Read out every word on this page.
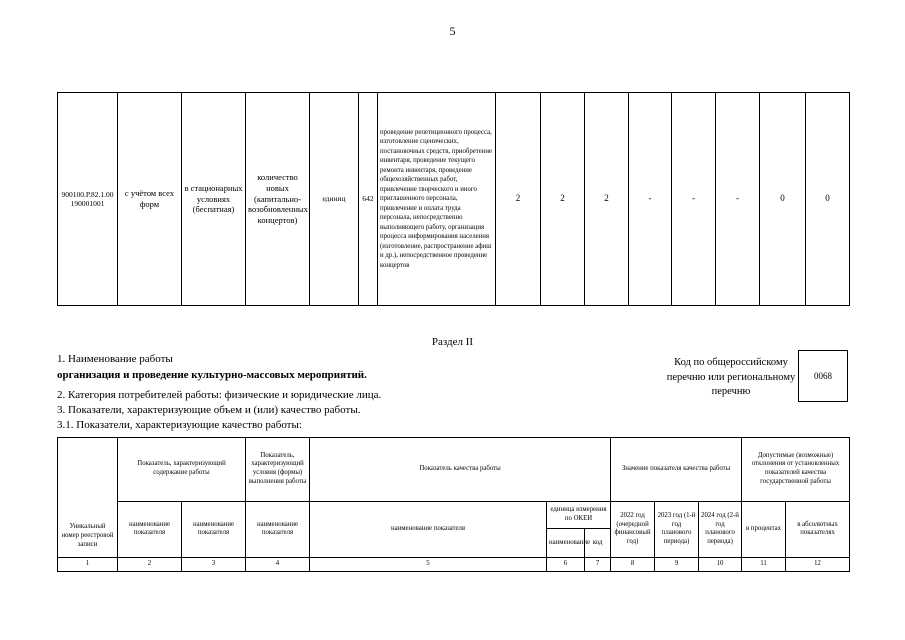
5
900100.Р.82.1.00190001001	с учётом всех форм	в стационарных условиях (беспатная)	количество новых (капитально-возобновленных концертов)	единиц	642	проведение репетиционного процесса, изготовление сценических, постановочных средств, приобретение инвентаря, проведение текущего ремонта инвентаря, проведение общехозяйственных работ, привлечение творческого и иного приглашенного персонала, привлечение и оплата труда персонала, непосредственно выполняющего работу, организация процесса информирования населения (изготовление, распространение афиш и др.), непосредственное проведение концертов	2	2	2	-	-	-	0	0
Раздел II
1. Наименование работы
организация и проведение культурно-массовых мероприятий.
2. Категория потребителей работы: физические и юридические лица.
3. Показатели, характеризующие объем и (или) качество работы.
3.1. Показатели, характеризующие качество работы:
Код по общероссийскому перечню или региональному перечню
0068
Уникальный номер реестровой записи	Показатель, характеризующий содержание работы		Показатель, характеризующий условия (формы) выполнения работы	Показатель качества работы			Значение показателя качества работы			Допустимые (возможные) отклонения от установленных показателей качества государственной работы	
	наименование показателя	наименование показателя	наименование показателя	наименование показателя	единица измерения по ОКЕИ		2022 год (очередной финансовый год)	2023 год (1-й год планового периода)	2024 год (2-й год планового периода)	в процентах	в абсолютных показателях
					наименование	код					
1	2	3	4	5	6	7	8	9	10	11	12
